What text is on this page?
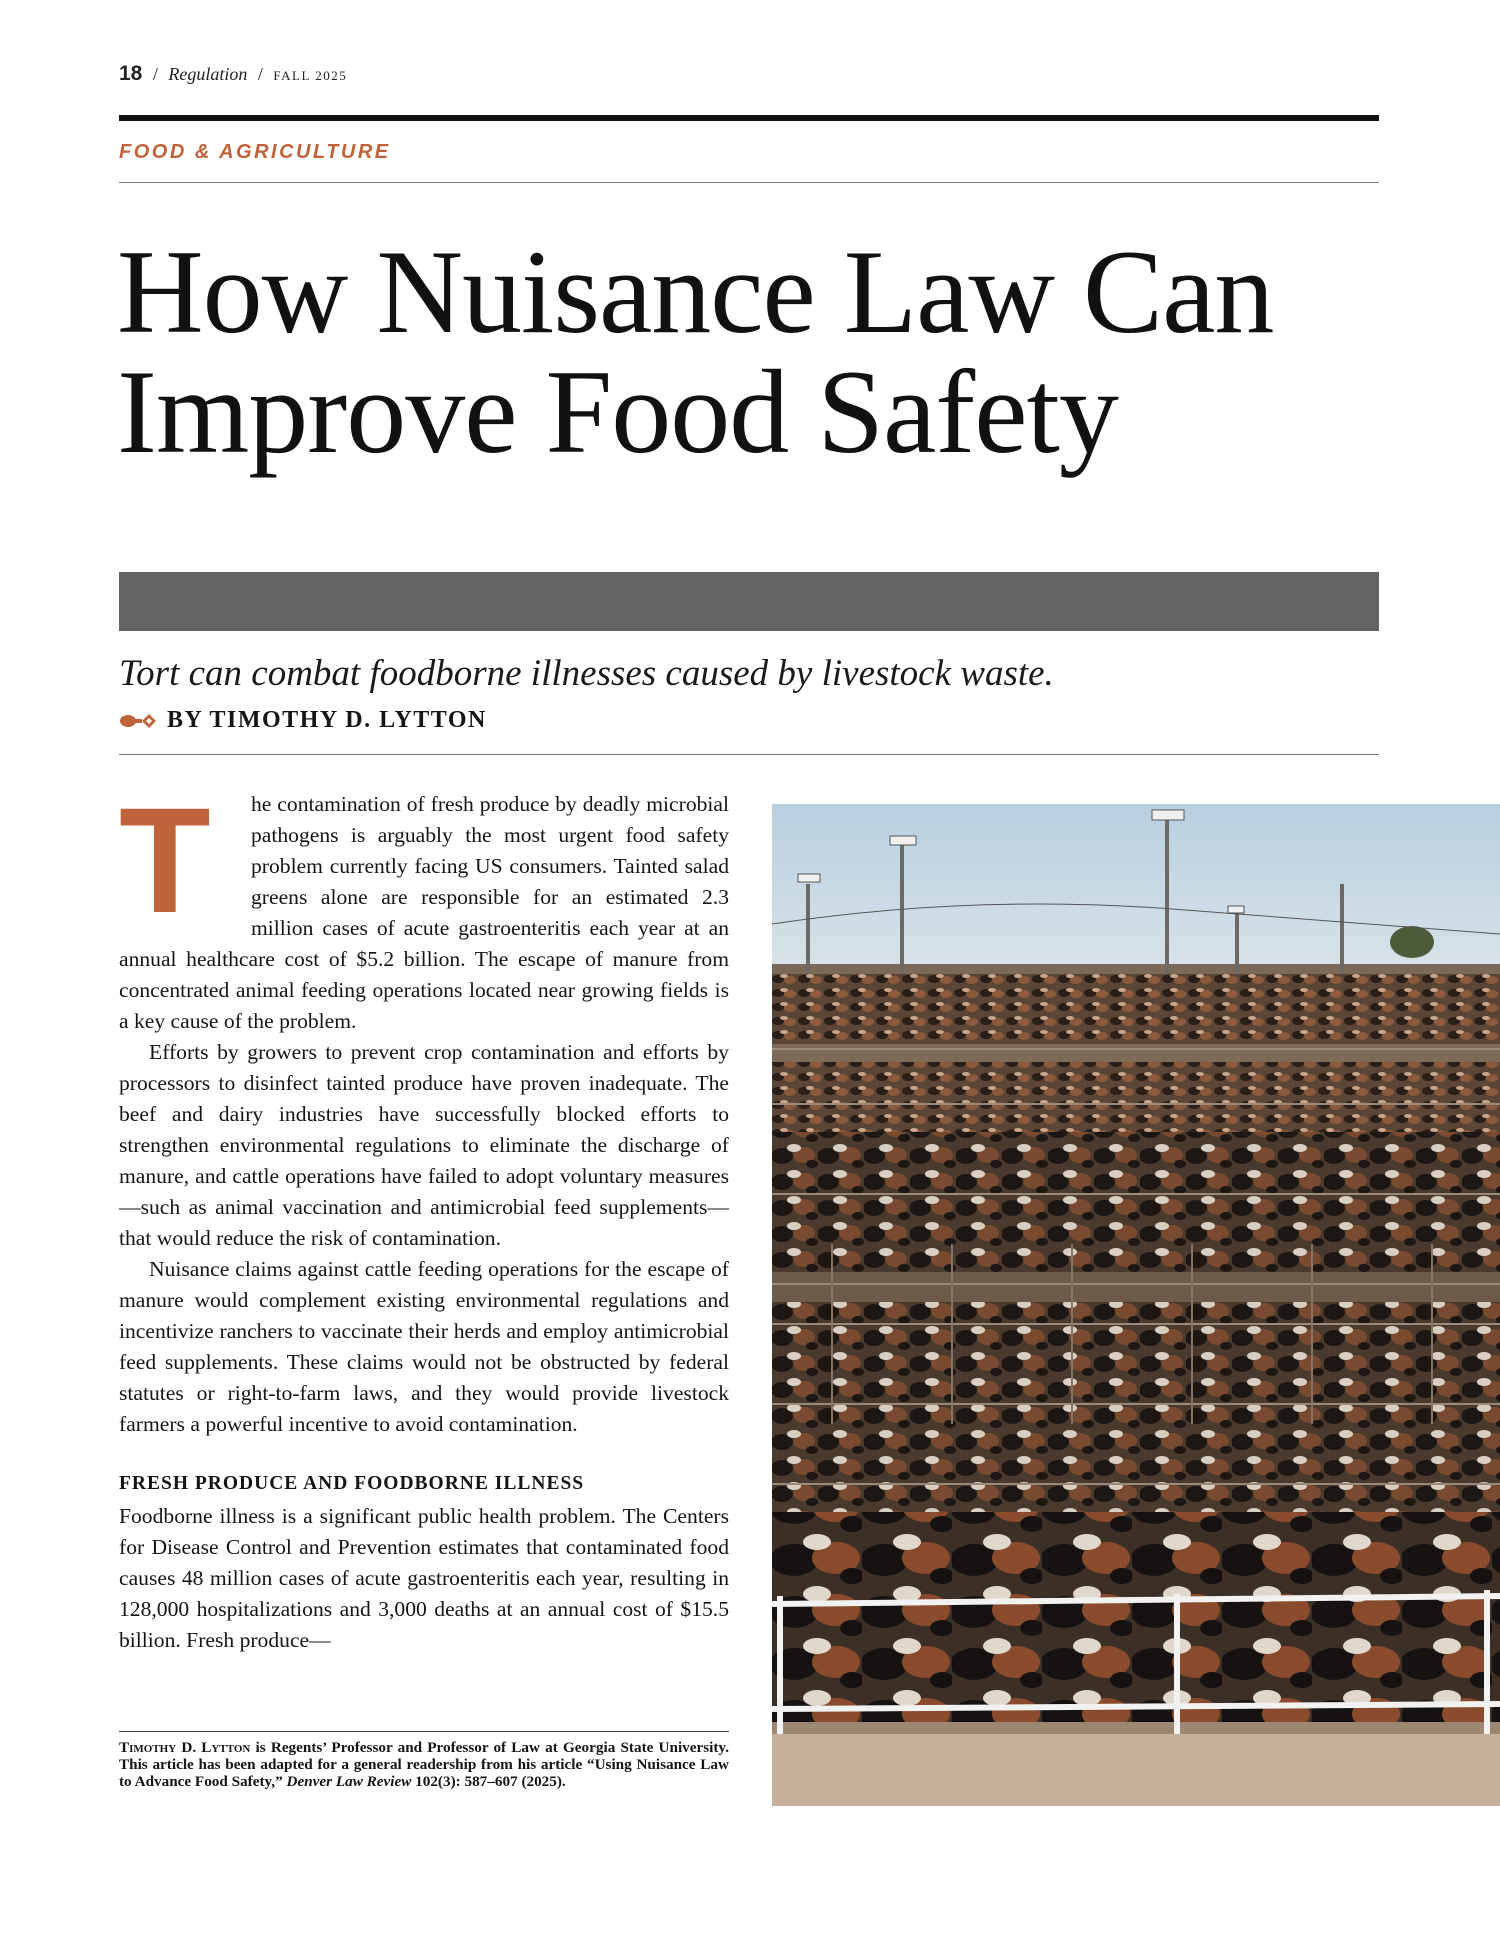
18 / Regulation / FALL 2025
FOOD & AGRICULTURE
How Nuisance Law Can
Improve Food Safety
Tort can combat foodborne illnesses caused by livestock waste.
BY TIMOTHY D. LYTTON

T	he contamination of fresh produce by deadly microbial pathogens is arguably the most urgent food safety problem currently facing US consumers. Tainted salad greens alone are responsible for an estimated 2.3 million cases of acute gastroenteritis each year at an annual healthcare cost of $5.2 billion. The escape of manure from concentrated animal feeding operations located near growing fields is a key cause of the problem.

Efforts by growers to prevent crop contamination and efforts by processors to disinfect tainted produce have proven inadequate. The beef and dairy industries have successfully blocked efforts to strengthen environmental regulations to eliminate the discharge of manure, and cattle operations have failed to adopt voluntary measures—such as animal vaccination and antimicrobial feed supplements—that would reduce the risk of contamination.

Nuisance claims against cattle feeding operations for the escape of manure would complement existing environmental regulations and incentivize ranchers to vaccinate their herds and employ antimicrobial feed supplements. These claims would not be obstructed by federal statutes or right-to-farm laws, and they would provide livestock farmers a powerful incentive to avoid contamination.

FRESH PRODUCE AND FOODBORNE ILLNESS

Foodborne illness is a significant public health problem. The Centers for Disease Control and Prevention estimates that contaminated food causes 48 million cases of acute gastroenteritis each year, resulting in 128,000 hospitalizations and 3,000 deaths at an annual cost of $15.5 billion. Fresh produce—

Timothy D. Lytton is Regents’ Professor and Professor of Law at Georgia State University. This article has been adapted for a general readership from his article “Using Nuisance Law to Advance Food Safety,” Denver Law Review 102(3): 587–607 (2025).
